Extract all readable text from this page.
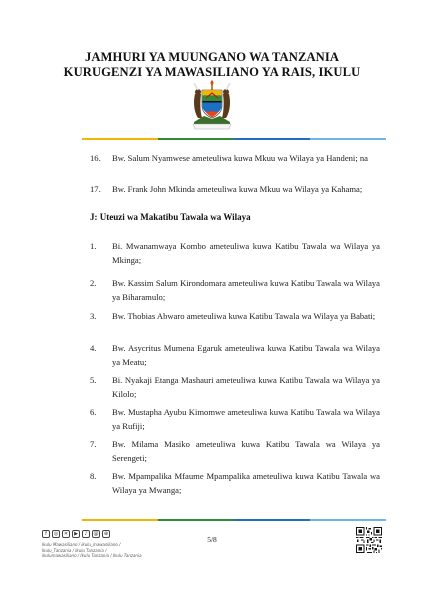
JAMHURI YA MUUNGANO WA TANZANIA
KURUGENZI YA MAWASILIANO YA RAIS, IKULU
16.	Bw. Salum Nyamwese ameteuliwa kuwa Mkuu wa Wilaya ya Handeni; na
17.	Bw. Frank John Mkinda ameteuliwa kuwa Mkuu wa Wilaya ya Kahama;
J: Uteuzi wa Makatibu Tawala wa Wilaya
1.	Bi. Mwanamwaya Kombo ameteuliwa kuwa Katibu Tawala wa Wilaya ya Mkinga;
2.	Bw. Kassim Salum Kirondomara ameteuliwa kuwa Katibu Tawala wa Wilaya ya Biharamulo;
3.	Bw. Thobias Abwaro ameteuliwa kuwa Katibu Tawala wa Wilaya ya Babati;
4.	Bw. Asycritus Mumena Egaruk ameteuliwa kuwa Katibu Tawala wa Wilaya ya Meatu;
5.	Bi. Nyakaji Etanga Mashauri ameteuliwa kuwa Katibu Tawala wa Wilaya ya Kilolo;
6.	Bw. Mustapha Ayubu Kimomwe ameteuliwa kuwa Katibu Tawala wa Wilaya ya Rufiji;
7.	Bw. Milama Masiko ameteuliwa kuwa Katibu Tawala wa Wilaya ya Serengeti;
8.	Bw. Mpampalika Mfaume Mpampalika ameteuliwa kuwa Katibu Tawala wa Wilaya ya Mwanga;
f	◎	✕	▶	♪	@	⊕
Ikulu Mawasiliano / ikulu_mawasiliano /
Ikulu_Tanzania / Ikulu Tanzania /
ikulumawasiliano / Ikulu Tanzania / Ikulu Tanzania
5/8
